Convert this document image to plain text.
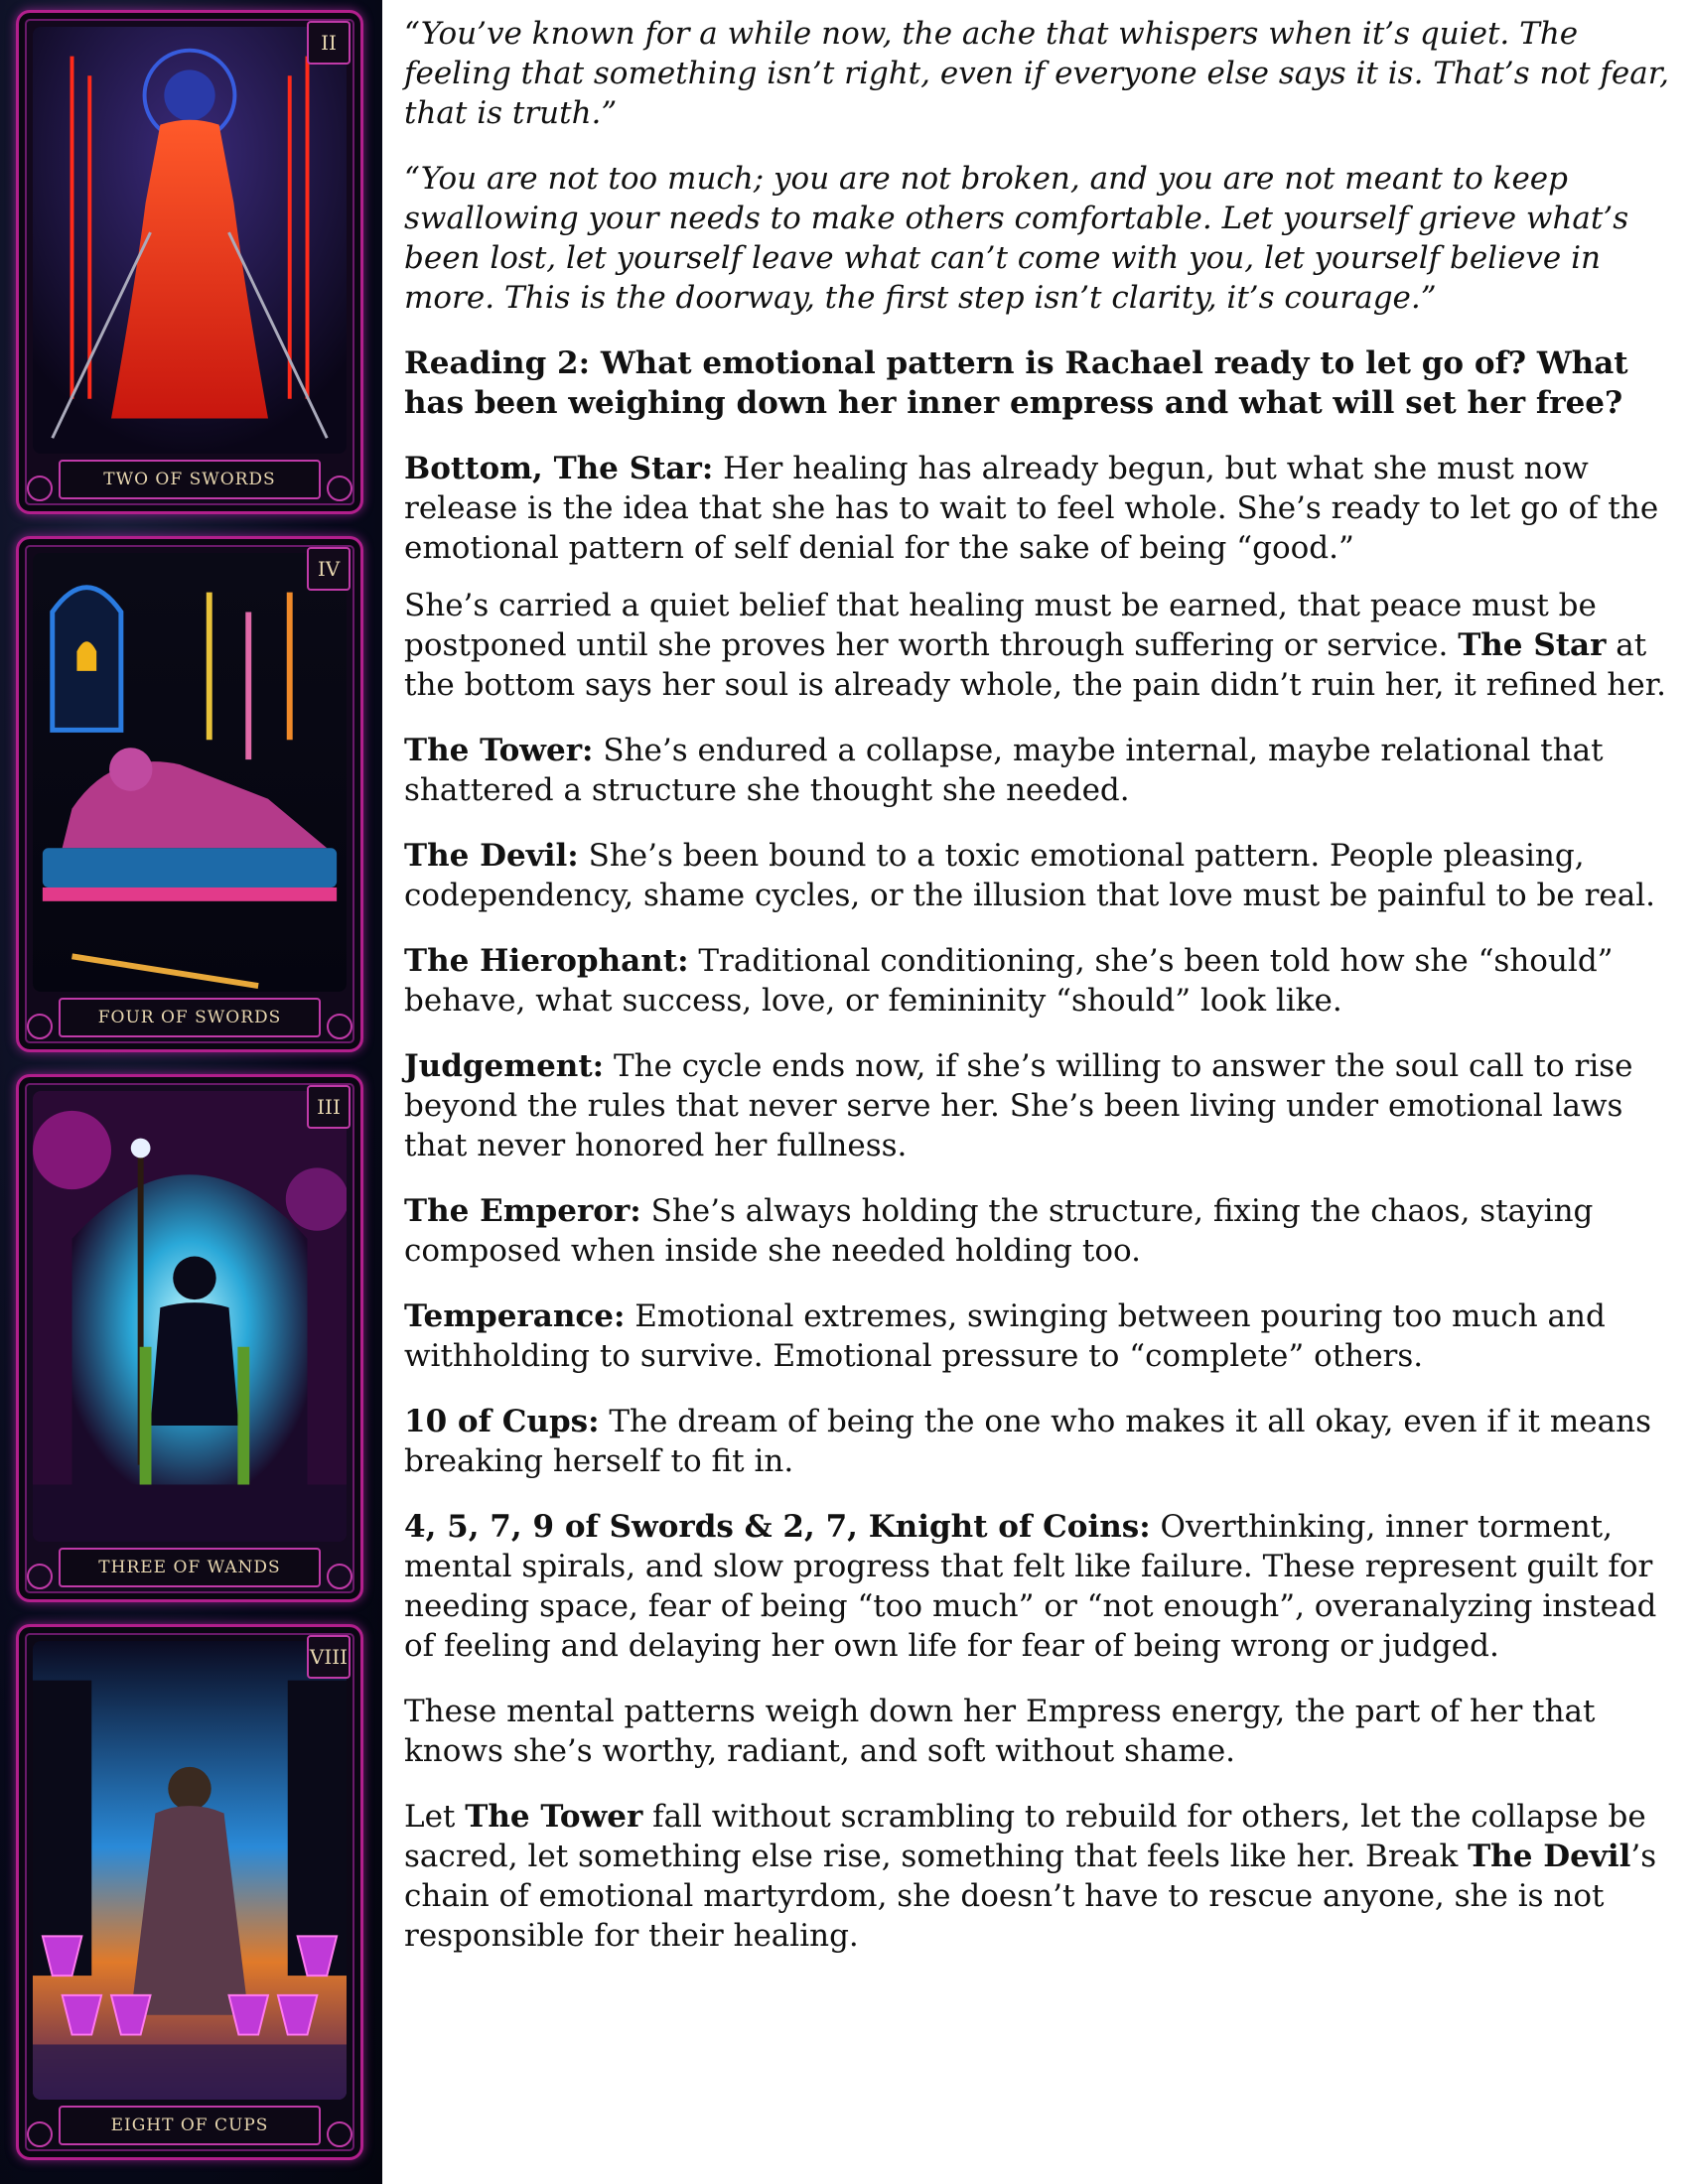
II
TWO OF SWORDS
IV
FOUR OF SWORDS
III
THREE OF WANDS
VIII
EIGHT OF CUPS

“You’ve known for a while now, the ache that whispers when it’s quiet. The feeling that something isn’t right, even if everyone else says it is. That’s not fear, that is truth.”

“You are not too much; you are not broken, and you are not meant to keep swallowing your needs to make others comfortable. Let yourself grieve what’s been lost, let yourself leave what can’t come with you, let yourself believe in more. This is the doorway, the first step isn’t clarity, it’s courage.”

Reading 2: What emotional pattern is Rachael ready to let go of? What has been weighing down her inner empress and what will set her free?

Bottom, The Star: Her healing has already begun, but what she must now release is the idea that she has to wait to feel whole. She’s ready to let go of the emotional pattern of self denial for the sake of being “good.”

She’s carried a quiet belief that healing must be earned, that peace must be postponed until she proves her worth through suffering or service. The Star at the bottom says her soul is already whole, the pain didn’t ruin her, it refined her.

The Tower: She’s endured a collapse, maybe internal, maybe relational that shattered a structure she thought she needed.

The Devil: She’s been bound to a toxic emotional pattern. People pleasing, codependency, shame cycles, or the illusion that love must be painful to be real.

The Hierophant: Traditional conditioning, she’s been told how she “should” behave, what success, love, or femininity “should” look like.

Judgement: The cycle ends now, if she’s willing to answer the soul call to rise beyond the rules that never serve her. She’s been living under emotional laws that never honored her fullness.

The Emperor: She’s always holding the structure, fixing the chaos, staying composed when inside she needed holding too.

Temperance: Emotional extremes, swinging between pouring too much and withholding to survive. Emotional pressure to “complete” others.

10 of Cups: The dream of being the one who makes it all okay, even if it means breaking herself to fit in.

4, 5, 7, 9 of Swords & 2, 7, Knight of Coins: Overthinking, inner torment, mental spirals, and slow progress that felt like failure. These represent guilt for needing space, fear of being “too much” or “not enough”, overanalyzing instead of feeling and delaying her own life for fear of being wrong or judged.

These mental patterns weigh down her Empress energy, the part of her that knows she’s worthy, radiant, and soft without shame.

Let The Tower fall without scrambling to rebuild for others, let the collapse be sacred, let something else rise, something that feels like her. Break The Devil’s chain of emotional martyrdom, she doesn’t have to rescue anyone, she is not responsible for their healing.
